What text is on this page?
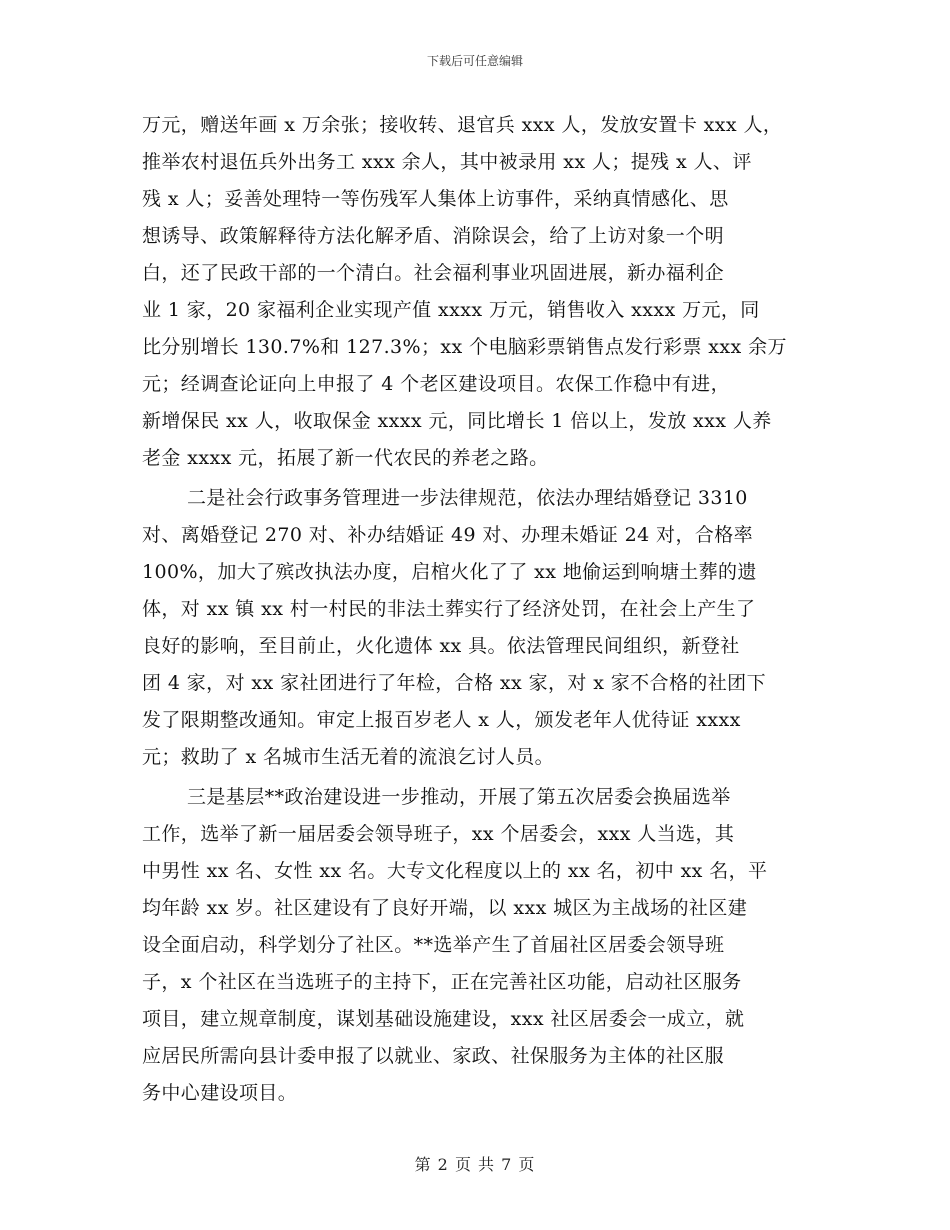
下载后可任意编辑
万元，赠送年画 x 万余张；接收转、退官兵 xxx 人，发放安置卡 xxx 人，
推举农村退伍兵外出务工 xxx 余人，其中被录用 xx 人；提残 x 人、评
残 x 人；妥善处理特一等伤残军人集体上访事件，采纳真情感化、思
想诱导、政策解释待方法化解矛盾、消除误会，给了上访对象一个明
白，还了民政干部的一个清白。社会福利事业巩固进展，新办福利企
业 1 家，20 家福利企业实现产值 xxxx 万元，销售收入 xxxx 万元，同
比分别增长 130.7%和 127.3%；xx 个电脑彩票销售点发行彩票 xxx 余万
元；经调查论证向上申报了 4 个老区建设项目。农保工作稳中有进，
新增保民 xx 人，收取保金 xxxx 元，同比增长 1 倍以上，发放 xxx 人养
老金 xxxx 元，拓展了新一代农民的养老之路。
二是社会行政事务管理进一步法律规范，依法办理结婚登记 3310
对、离婚登记 270 对、补办结婚证 49 对、办理未婚证 24 对，合格率
100%，加大了殡改执法办度，启棺火化了了 xx 地偷运到响塘土葬的遗
体，对 xx 镇 xx 村一村民的非法土葬实行了经济处罚，在社会上产生了
良好的影响，至目前止，火化遗体 xx 具。依法管理民间组织，新登社
团 4 家，对 xx 家社团进行了年检，合格 xx 家，对 x 家不合格的社团下
发了限期整改通知。审定上报百岁老人 x 人，颁发老年人优待证 xxxx
元；救助了 x 名城市生活无着的流浪乞讨人员。
三是基层**政治建设进一步推动，开展了第五次居委会换届选举
工作，选举了新一届居委会领导班子，xx 个居委会，xxx 人当选，其
中男性 xx 名、女性 xx 名。大专文化程度以上的 xx 名，初中 xx 名，平
均年龄 xx 岁。社区建设有了良好开端，以 xxx 城区为主战场的社区建
设全面启动，科学划分了社区。**选举产生了首届社区居委会领导班
子，x 个社区在当选班子的主持下，正在完善社区功能，启动社区服务
项目，建立规章制度，谋划基础设施建设，xxx 社区居委会一成立，就
应居民所需向县计委申报了以就业、家政、社保服务为主体的社区服
务中心建设项目。
第 2 页 共 7 页
